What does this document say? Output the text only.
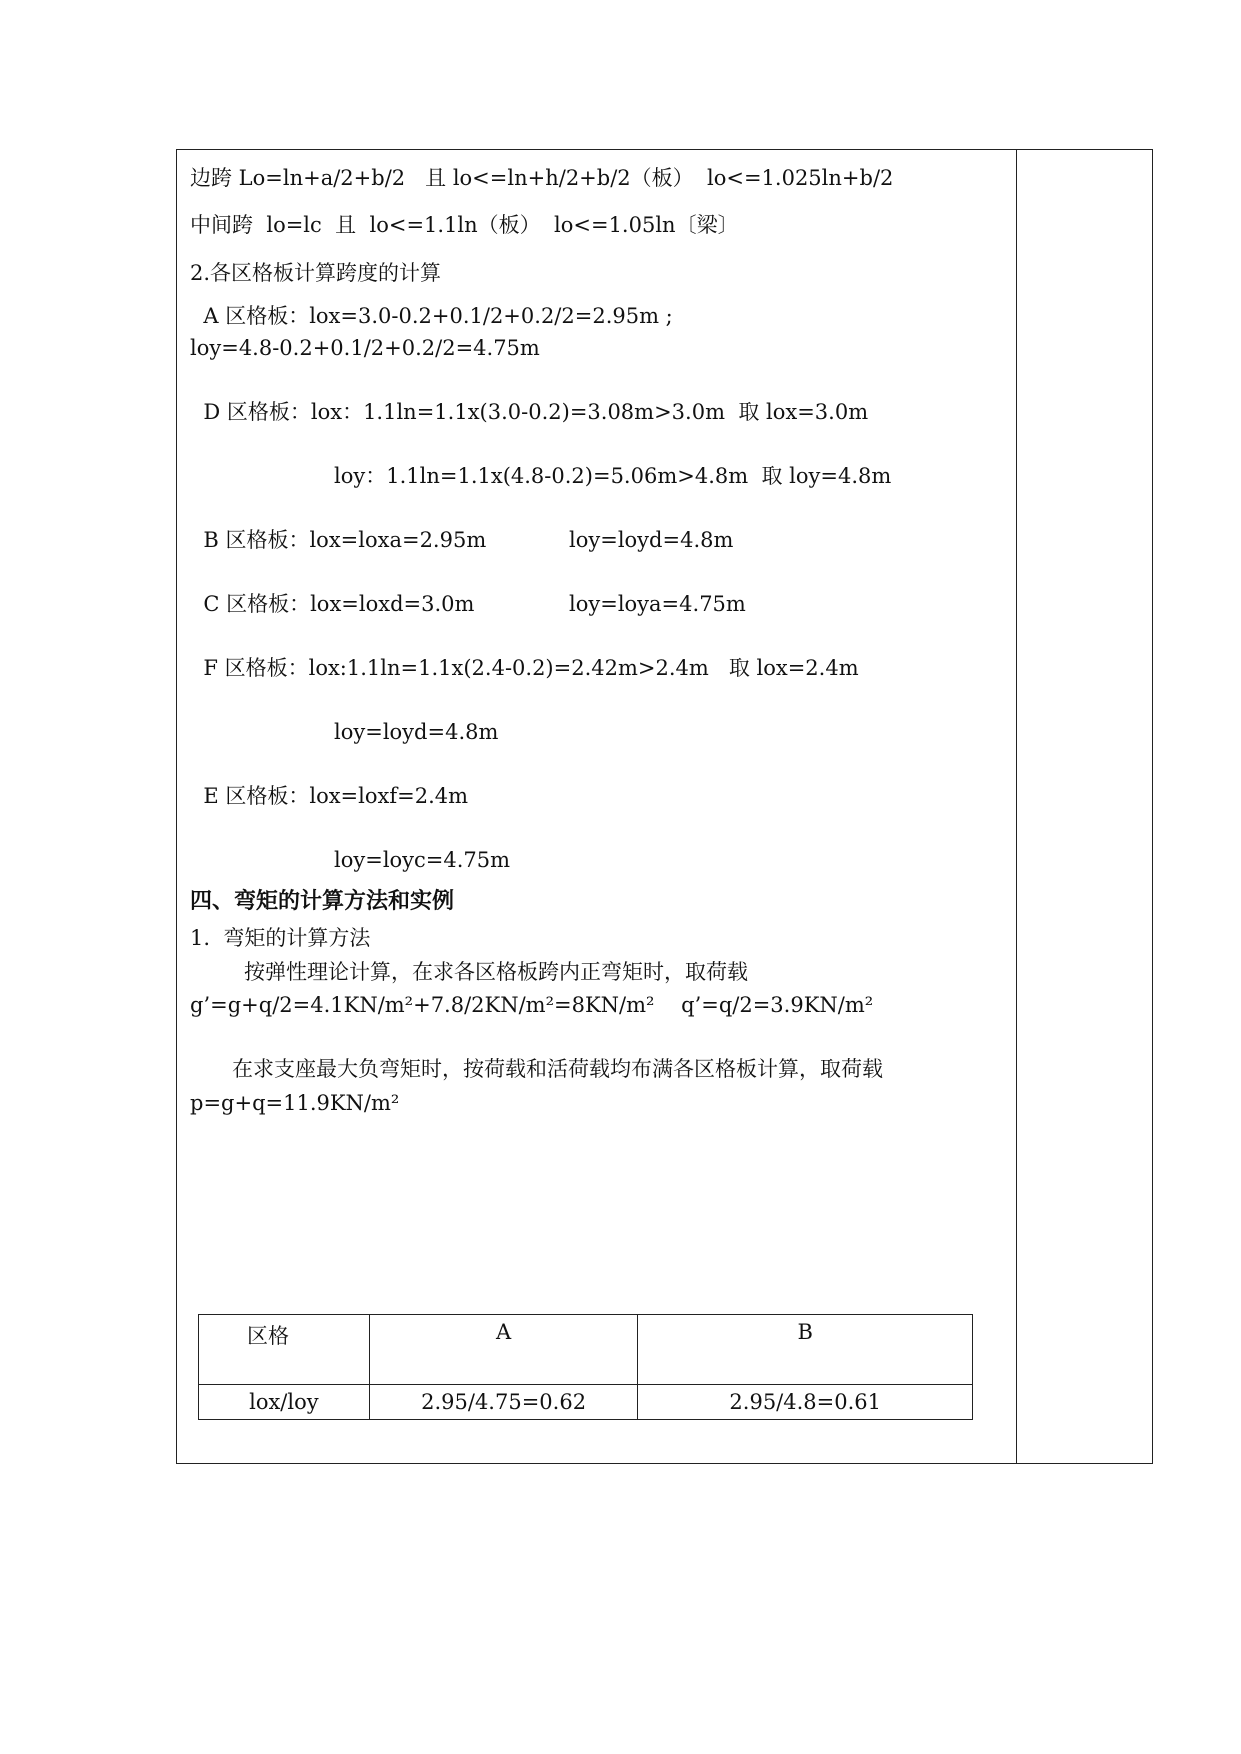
边跨 Lo=ln+a/2+b/2   且 lo<=ln+h/2+b/2（板）  lo<=1.025ln+b/2
中间跨  lo=lc  且  lo<=1.1ln（板）  lo<=1.05ln〔梁〕
2.各区格板计算跨度的计算
A 区格板：lox=3.0-0.2+0.1/2+0.2/2=2.95m ;
loy=4.8-0.2+0.1/2+0.2/2=4.75m
D 区格板：lox：1.1ln=1.1x(3.0-0.2)=3.08m>3.0m  取 lox=3.0m
loy：1.1ln=1.1x(4.8-0.2)=5.06m>4.8m  取 loy=4.8m
B 区格板：lox=loxa=2.95m	loy=loyd=4.8m
C 区格板：lox=loxd=3.0m	loy=loya=4.75m
F 区格板：lox:1.1ln=1.1x(2.4-0.2)=2.42m>2.4m   取 lox=2.4m
loy=loyd=4.8m
E 区格板：lox=loxf=2.4m
loy=loyc=4.75m
四、弯矩的计算方法和实例
1.  弯矩的计算方法
按弹性理论计算，在求各区格板跨内正弯矩时，取荷载
g’=g+q/2=4.1KN/m²+7.8/2KN/m²=8KN/m²    q’=q/2=3.9KN/m²
在求支座最大负弯矩时，按荷载和活荷载均布满各区格板计算，取荷载
p=g+q=11.9KN/m²
区格	A	B
lox/loy	2.95/4.75=0.62	2.95/4.8=0.61
